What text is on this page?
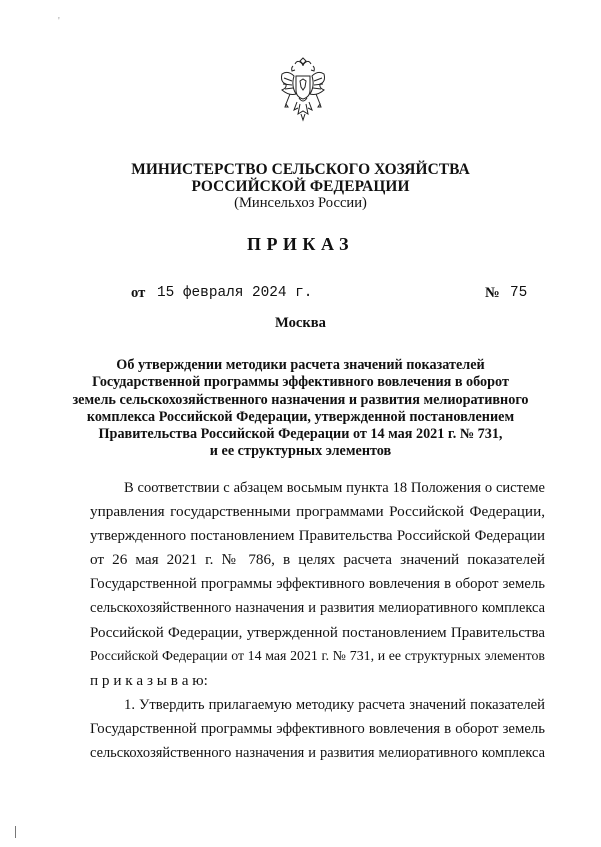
'
МИНИСТЕРСТВО СЕЛЬСКОГО ХОЗЯЙСТВА
РОССИЙСКОЙ ФЕДЕРАЦИИ
(Минсельхоз России)
ПРИКАЗ
от 15 февраля 2024 г.	№ 75
Москва
Об утверждении методики расчета значений показателей
Государственной программы эффективного вовлечения в оборот
земель сельскохозяйственного назначения и развития мелиоративного
комплекса Российской Федерации, утвержденной постановлением
Правительства Российской Федерации от 14 мая 2021 г. № 731,
и ее структурных элементов
В соответствии с абзацем восьмым пункта 18 Положения о системе
управления государственными программами Российской Федерации,
утвержденного постановлением Правительства Российской Федерации
от 26 мая 2021 г. № 786, в целях расчета значений показателей
Государственной программы эффективного вовлечения в оборот земель
сельскохозяйственного назначения и развития мелиоративного комплекса
Российской Федерации, утвержденной постановлением Правительства
Российской Федерации от 14 мая 2021 г. № 731, и ее структурных элементов
п р и к а з ы в а ю:
1. Утвердить прилагаемую методику расчета значений показателей
Государственной программы эффективного вовлечения в оборот земель
сельскохозяйственного назначения и развития мелиоративного комплекса
